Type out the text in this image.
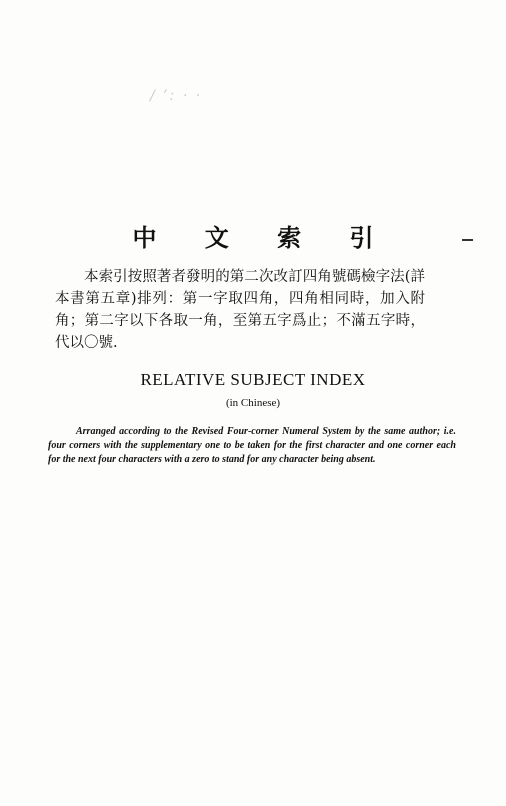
/ ʼ: · ·
中 文 索 引
本索引按照著者發明的第二次改訂四角號碼檢字法(詳本書第五章)排列：第一字取四角，四角相同時，加入附角；第二字以下各取一角，至第五字爲止；不滿五字時，代以〇號.
RELATIVE SUBJECT INDEX
(in Chinese)
Arranged according to the Revised Four-corner Numeral System by the same author; i.e. four corners with the supplementary one to be taken for the first character and one corner each for the next four characters with a zero to stand for any character being absent.
